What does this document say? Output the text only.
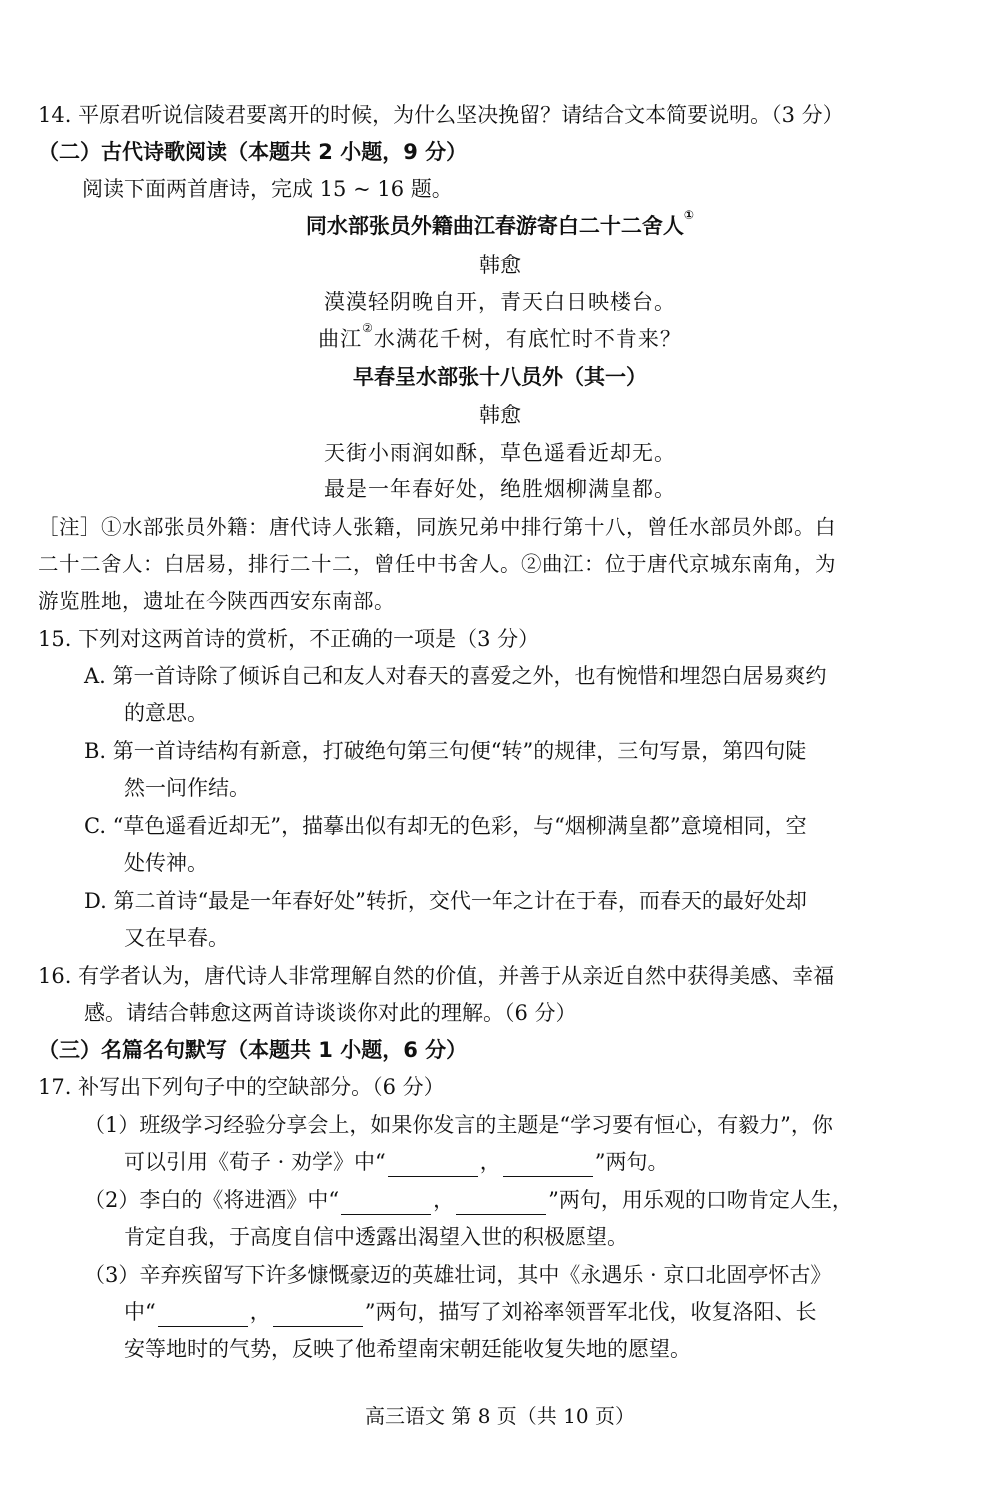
14. 平原君听说信陵君要离开的时候，为什么坚决挽留？请结合文本简要说明。（3 分）
（二）古代诗歌阅读（本题共 2 小题，9 分）
阅读下面两首唐诗，完成 15 ~ 16 题。
同水部张员外籍曲江春游寄白二十二舍人①
韩愈
漠漠轻阴晚自开，青天白日映楼台。
曲江②水满花千树，有底忙时不肯来？
早春呈水部张十八员外（其一）
韩愈
天街小雨润如酥，草色遥看近却无。
最是一年春好处，绝胜烟柳满皇都。
［注］①水部张员外籍：唐代诗人张籍，同族兄弟中排行第十八，曾任水部员外郎。白
二十二舍人：白居易，排行二十二，曾任中书舍人。②曲江：位于唐代京城东南角，为
游览胜地，遗址在今陕西西安东南部。
15. 下列对这两首诗的赏析，不正确的一项是（3 分）
A. 第一首诗除了倾诉自己和友人对春天的喜爱之外，也有惋惜和埋怨白居易爽约
的意思。
B. 第一首诗结构有新意，打破绝句第三句便“转”的规律，三句写景，第四句陡
然一问作结。
C. “草色遥看近却无”，描摹出似有却无的色彩，与“烟柳满皇都”意境相同，空
处传神。
D. 第二首诗“最是一年春好处”转折，交代一年之计在于春，而春天的最好处却
又在早春。
16. 有学者认为，唐代诗人非常理解自然的价值，并善于从亲近自然中获得美感、幸福
感。请结合韩愈这两首诗谈谈你对此的理解。（6 分）
（三）名篇名句默写（本题共 1 小题，6 分）
17. 补写出下列句子中的空缺部分。（6 分）
（1）班级学习经验分享会上，如果你发言的主题是“学习要有恒心，有毅力”，你
可以引用《荀子 · 劝学》中“	，	”两句。
（2）李白的《将进酒》中“	，	”两句，用乐观的口吻肯定人生，
肯定自我，于高度自信中透露出渴望入世的积极愿望。
（3）辛弃疾留写下许多慷慨豪迈的英雄壮词，其中《永遇乐 · 京口北固亭怀古》
中“	，	”两句，描写了刘裕率领晋军北伐，收复洛阳、长
安等地时的气势，反映了他希望南宋朝廷能收复失地的愿望。
高三语文 第 8 页（共 10 页）
